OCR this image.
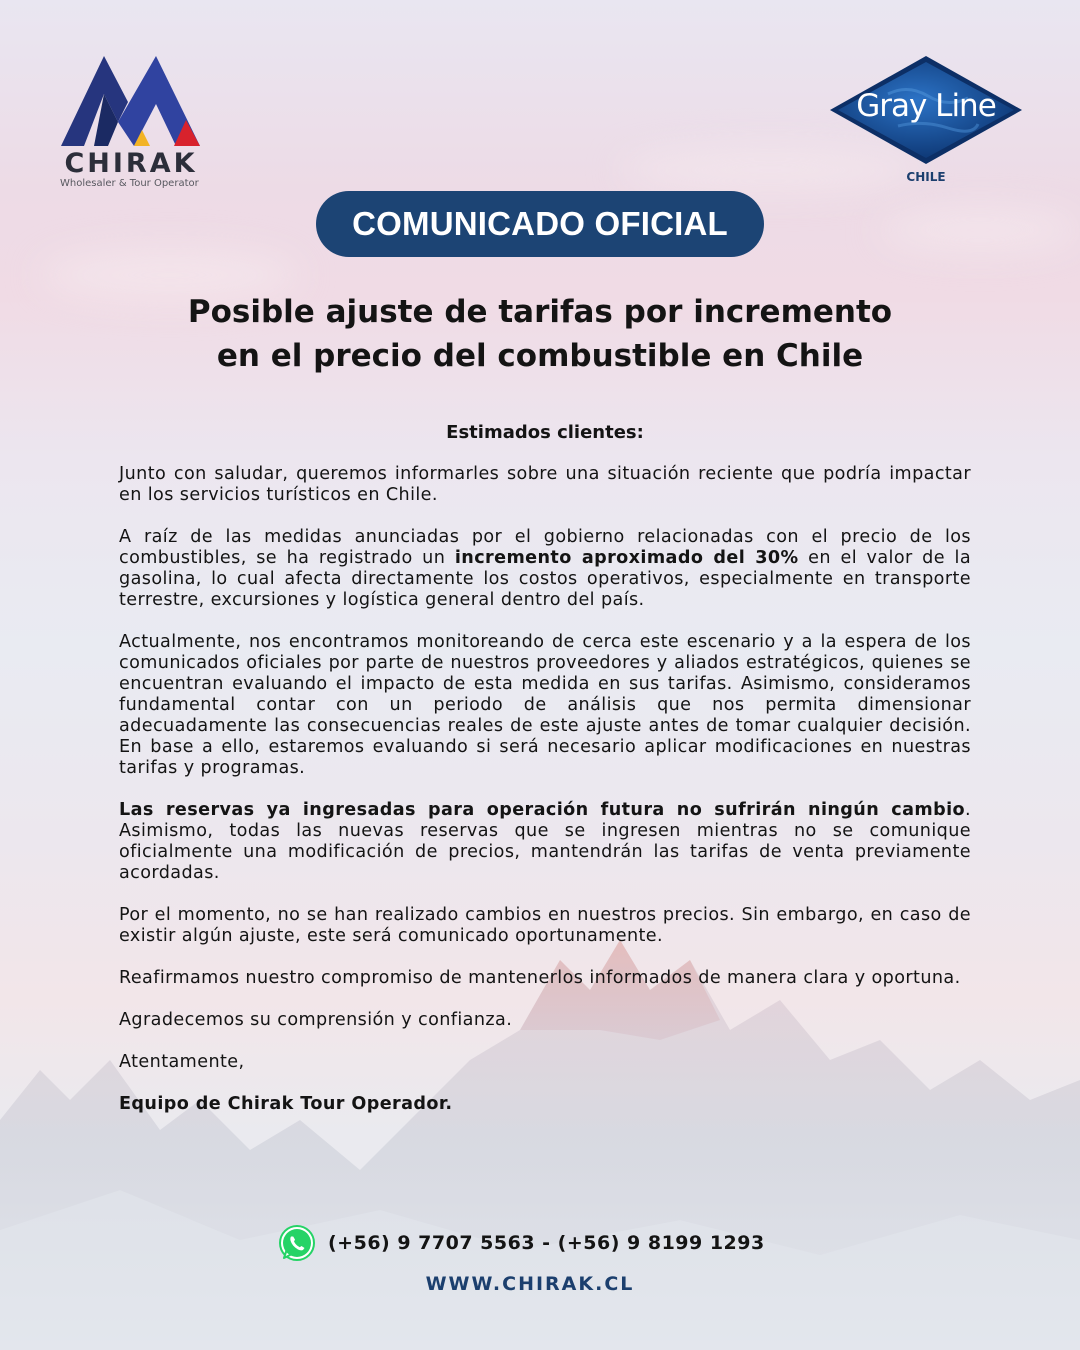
CHIRAK
Wholesaler & Tour Operator
Gray Line
CHILE
COMUNICADO OFICIAL
Posible ajuste de tarifas por incremento
en el precio del combustible en Chile
Estimados clientes:

Junto con saludar, queremos informarles sobre una situación reciente que podría impactar en los servicios turísticos en Chile.

A raíz de las medidas anunciadas por el gobierno relacionadas con el precio de los combustibles, se ha registrado un incremento aproximado del 30% en el valor de la gasolina, lo cual afecta directamente los costos operativos, especialmente en transporte terrestre, excursiones y logística general dentro del país.

Actualmente, nos encontramos monitoreando de cerca este escenario y a la espera de los comunicados oficiales por parte de nuestros proveedores y aliados estratégicos, quienes se encuentran evaluando el impacto de esta medida en sus tarifas. Asimismo, consideramos fundamental contar con un periodo de análisis que nos permita dimensionar adecuadamente las consecuencias reales de este ajuste antes de tomar cualquier decisión. En base a ello, estaremos evaluando si será necesario aplicar modificaciones en nuestras tarifas y programas.

Las reservas ya ingresadas para operación futura no sufrirán ningún cambio. Asimismo, todas las nuevas reservas que se ingresen mientras no se comunique oficialmente una modificación de precios, mantendrán las tarifas de venta previamente acordadas.

Por el momento, no se han realizado cambios en nuestros precios. Sin embargo, en caso de existir algún ajuste, este será comunicado oportunamente.

Reafirmamos nuestro compromiso de mantenerlos informados de manera clara y oportuna.

Agradecemos su comprensión y confianza.

Atentamente,

Equipo de Chirak Tour Operador.

(+56) 9 7707 5563 - (+56) 9 8199 1293
WWW.CHIRAK.CL
